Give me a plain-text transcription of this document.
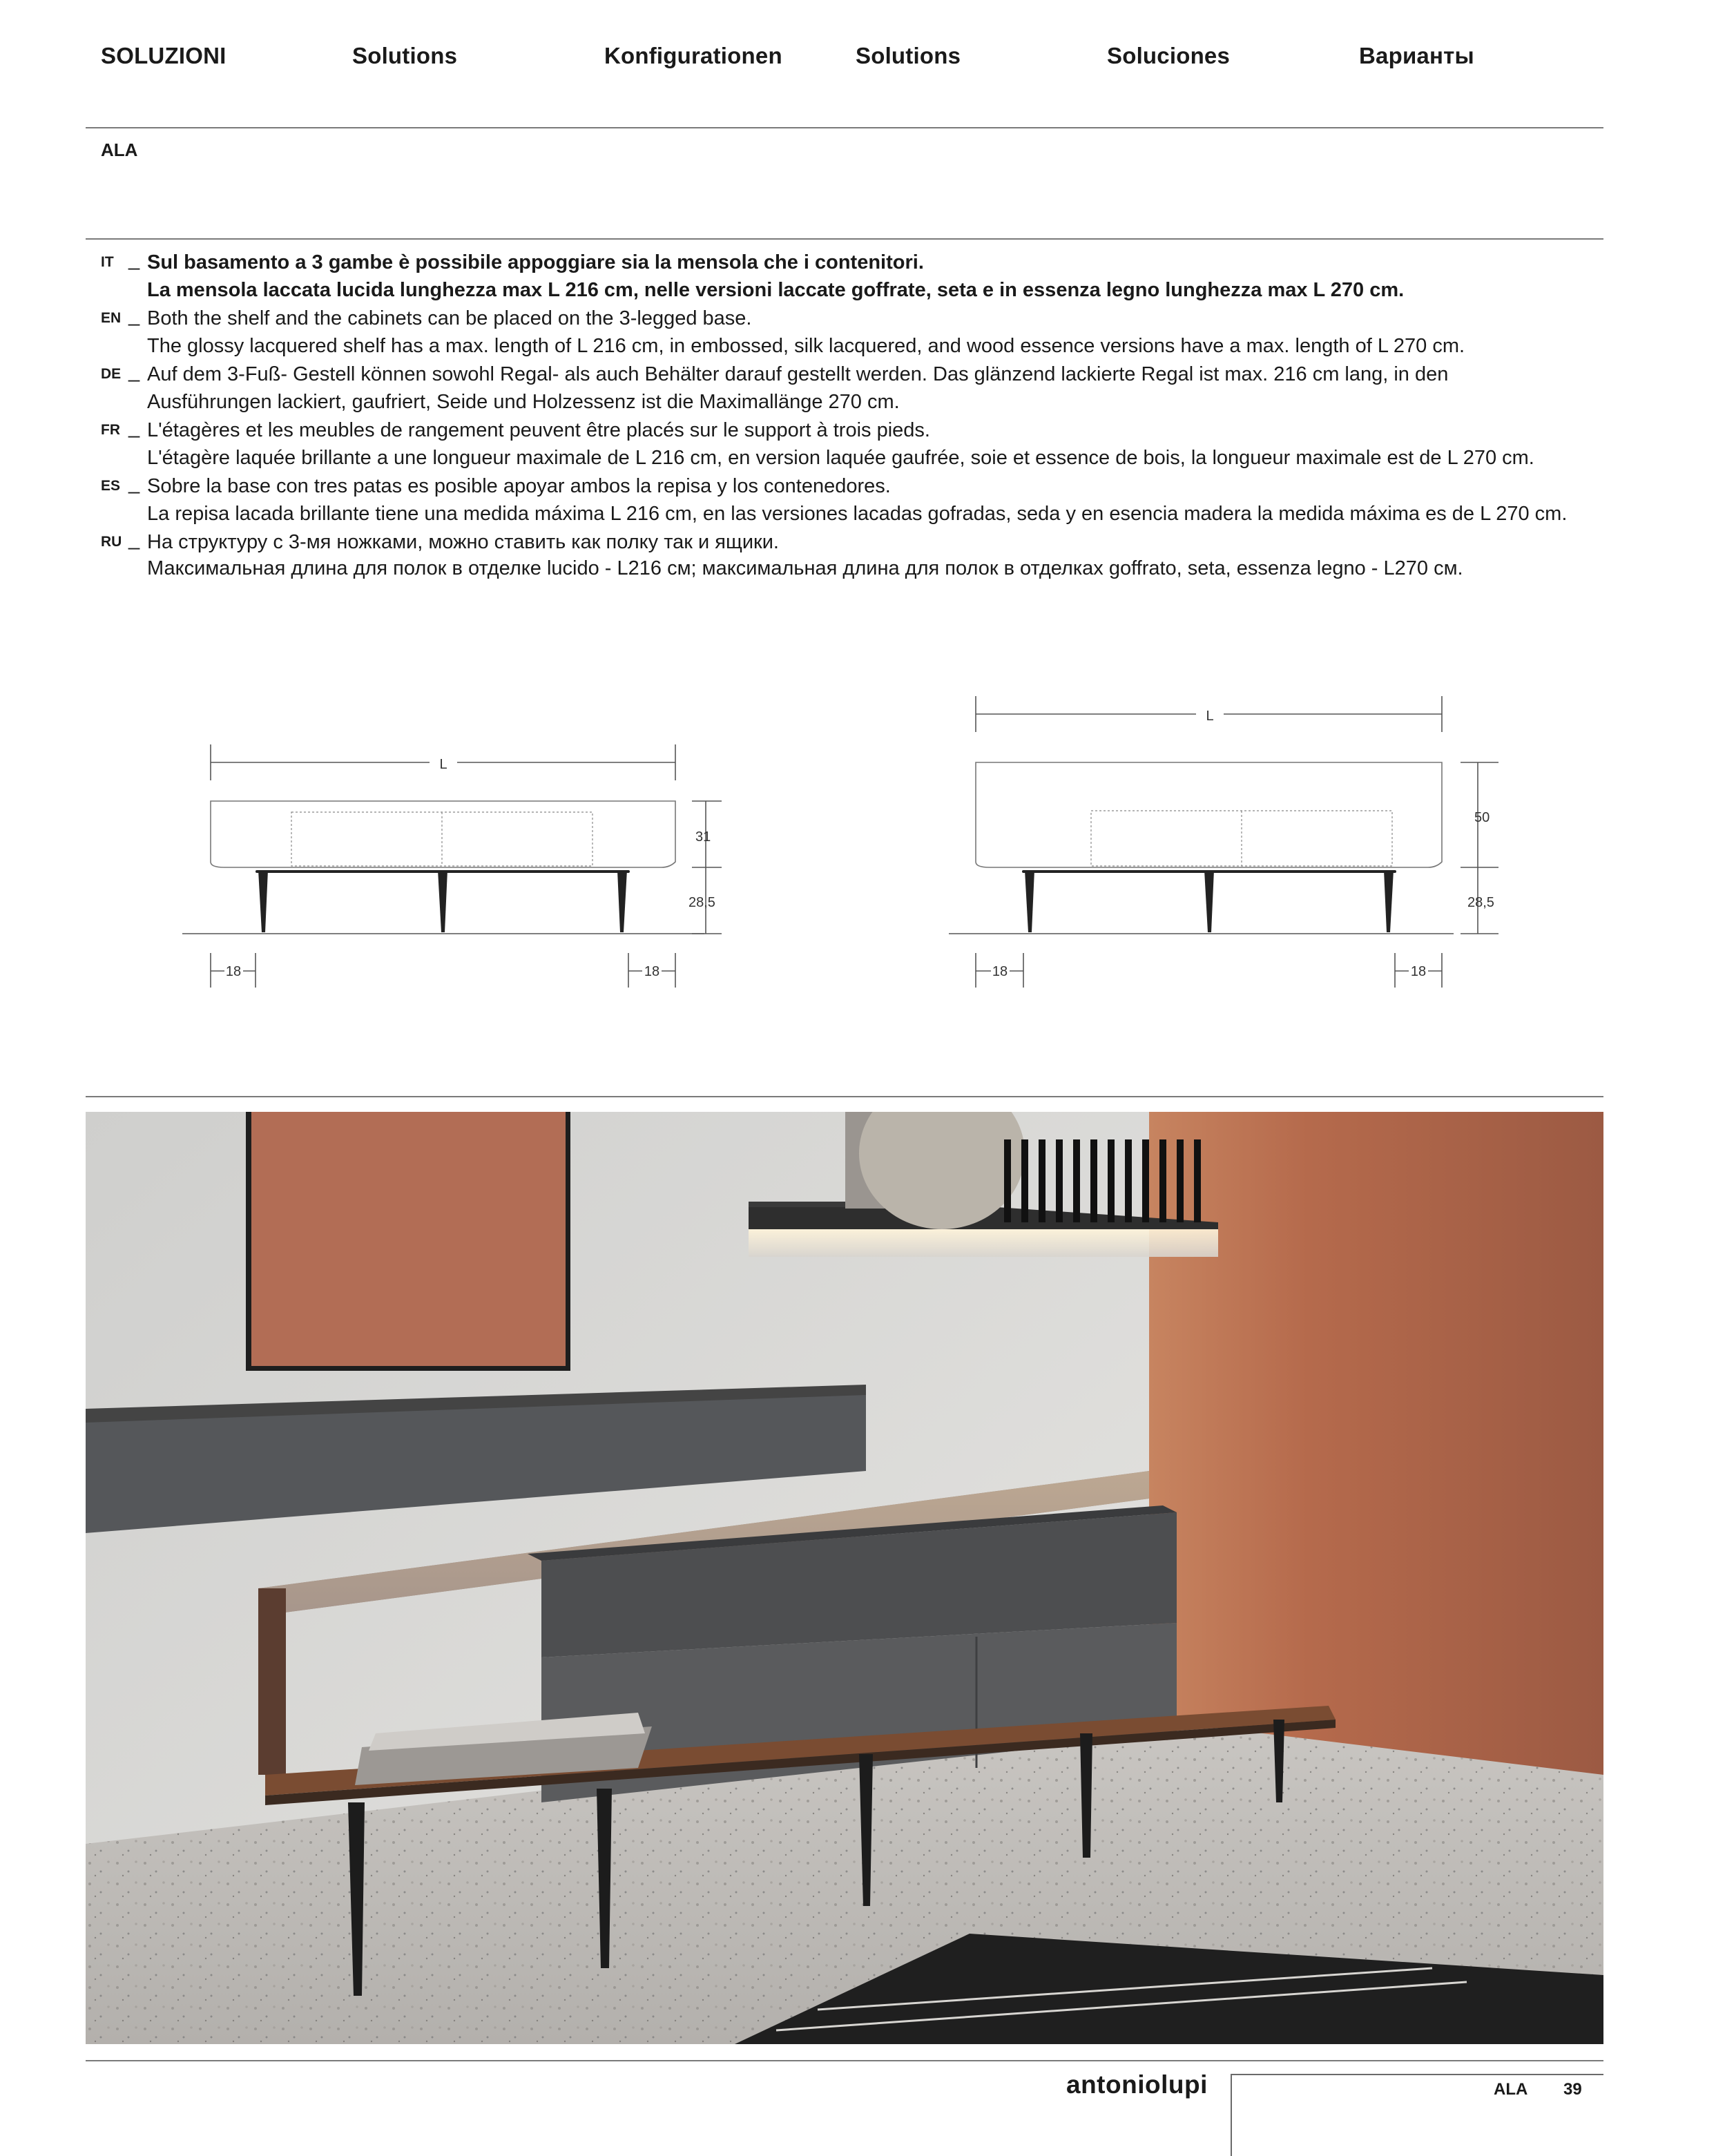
SOLUZIONI	Solutions	Konfigurationen	Solutions	Soluciones	Варианты
ALA
IT _ Sul basamento a 3 gambe è possibile appoggiare sia la mensola che i contenitori.
La mensola laccata lucida lunghezza max L 216 cm, nelle versioni laccate goffrate, seta e in essenza legno lunghezza max L 270 cm.
EN _ Both the shelf and the cabinets can be placed on the 3-legged base.
The glossy lacquered shelf has a max. length of L 216 cm, in embossed, silk lacquered, and wood essence versions have a max. length of L 270 cm.
DE _ Auf dem 3-Fuß- Gestell können sowohl Regal- als auch Behälter darauf gestellt werden. Das glänzend lackierte Regal ist max. 216 cm lang, in den
Ausführungen lackiert, gaufriert, Seide und Holzessenz ist die Maximallänge 270 cm.
FR _ L'étagères et les meubles de rangement peuvent être placés sur le support à trois pieds.
L'étagère laquée brillante a une longueur maximale de L 216 cm, en version laquée gaufrée, soie et essence de bois, la longueur maximale est de L 270 cm.
ES _ Sobre la base con tres patas es posible apoyar ambos la repisa y los contenedores.
La repisa lacada brillante tiene una medida máxima L 216 cm, en las versiones lacadas gofradas, seda y en esencia madera la medida máxima es de L 270 cm.
RU _ На структуру с 3-мя ножками, можно ставить как полку так и ящики.
Максимальная длина для полок в отделке lucido - L216 см; максимальная длина для полок в отделках goffrato, seta, essenza legno - L270 см.
L
31
28,5
18	18
L
50
28,5
18	18
antoniolupi	ALA 39
